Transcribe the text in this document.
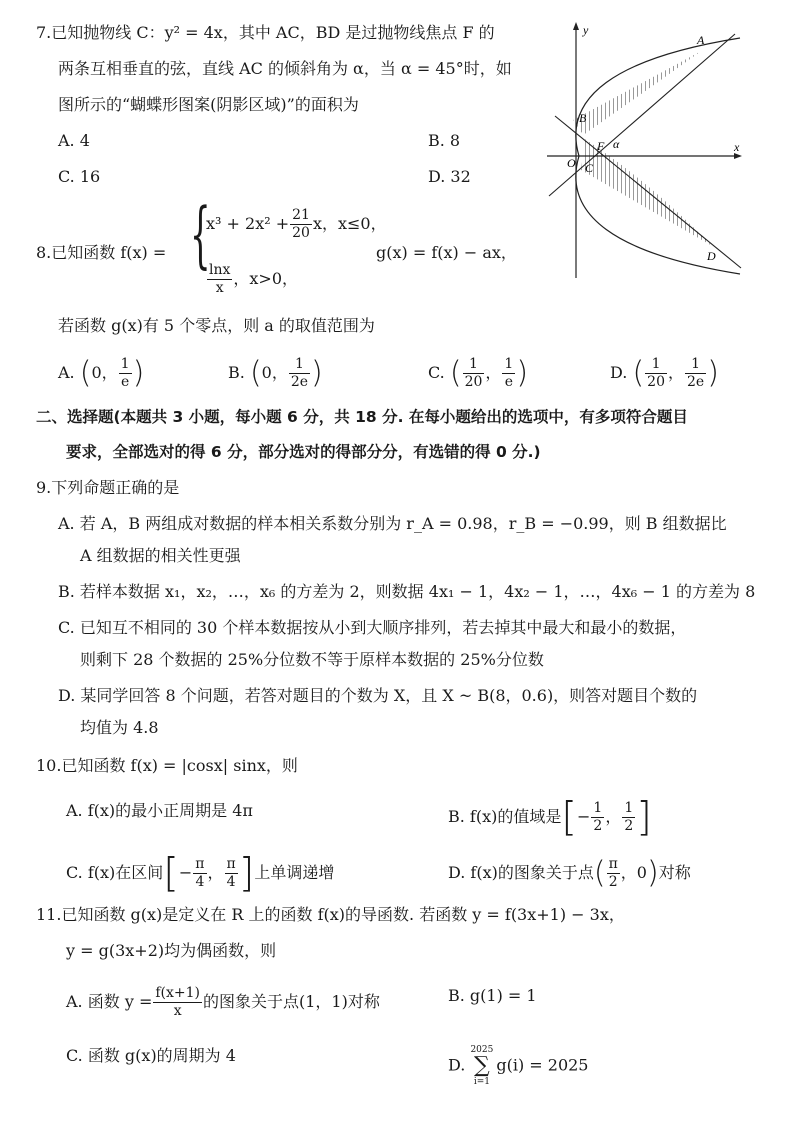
7.已知抛物线 C：y² = 4x，其中 AC，BD 是过抛物线焦点 F 的
两条互相垂直的弦，直线 AC 的倾斜角为 α，当 α = 45°时，如
图所示的“蝴蝶形图案(阴影区域)”的面积为
A. 4	B. 8
C. 16	D. 32
y
x
O
A
B
C
D
F α
8.已知函数 f(x) = {
$x^3 + 2x^2 + \frac{21}{20}$ x，x≤0，
$\frac{\ln x}{x}$ ，x>0，
g(x) = f(x) − ax，
若函数 g(x)有 5 个零点，则 a 的取值范围为
A. (0， $\frac{1}{e}$ )	B. (0， $\frac{1}{2e}$ )	C. ( $\frac{1}{20}$ ， $\frac{1}{e}$ )	D. ( $\frac{1}{20}$ ， $\frac{1}{2e}$ )
二、选择题(本题共 3 小题，每小题 6 分，共 18 分. 在每小题给出的选项中，有多项符合题目
要求，全部选对的得 6 分，部分选对的得部分分，有选错的得 0 分.)
9.下列命题正确的是
A. 若 A，B 两组成对数据的样本相关系数分别为 r_A = 0.98，r_B = −0.99，则 B 组数据比
A 组数据的相关性更强
B. 若样本数据 x₁，x₂，…，x₆ 的方差为 2，则数据 4x₁ − 1，4x₂ − 1，…，4x₆ − 1 的方差为 8
C. 已知互不相同的 30 个样本数据按从小到大顺序排列，若去掉其中最大和最小的数据，
则剩下 28 个数据的 25%分位数不等于原样本数据的 25%分位数
D. 某同学回答 8 个问题，若答对题目的个数为 X，且 X ~ B(8，0.6)，则答对题目个数的
均值为 4.8
10.已知函数 f(x) = |cosx| sinx，则
A. f(x)的最小正周期是 4π	B. f(x)的值域是[− $\frac{1}{2}$ ， $\frac{1}{2}$ ]
C. f(x)在区间[− $\frac{\pi}{4}$ ， $\frac{\pi}{4}$ ]上单调递增	D. f(x)的图象关于点( $\frac{\pi}{2}$ ，0)对称
11.已知函数 g(x)是定义在 R 上的函数 f(x)的导函数. 若函数 y = f(3x+1) − 3x，
y = g(3x+2)均为偶函数，则
A. 函数 $y = \frac{f(x+1)}{x}$ 的图象关于点(1，1)对称	B. g(1) = 1
C. 函数 g(x)的周期为 4	D. 2025
∑
i=1g(i) = 2025
